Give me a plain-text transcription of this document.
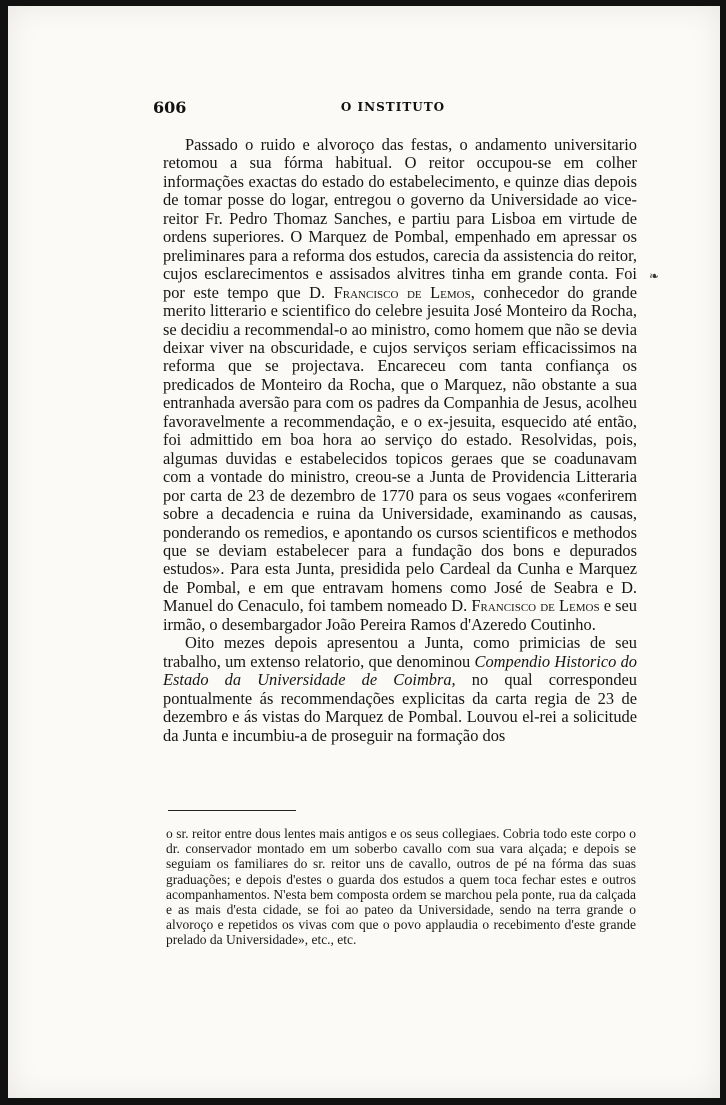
606	O INSTITUTO

Passado o ruido e alvoroço das festas, o andamento universitario retomou a sua fórma habitual. O reitor occupou-se em colher informações exactas do estado do estabelecimento, e quinze dias depois de tomar posse do logar, entregou o governo da Universidade ao vice-reitor Fr. Pedro Thomaz Sanches, e partiu para Lisboa em virtude de ordens superiores. O Marquez de Pombal, empenhado em apressar os preliminares para a reforma dos estudos, carecia da assistencia do reitor, cujos esclarecimentos e assisados alvitres tinha em grande conta. Foi por este tempo que D. Francisco de Lemos, conhecedor do grande merito litterario e scientifico do celebre jesuita José Monteiro da Rocha, se decidiu a recommendal-o ao ministro, como homem que não se devia deixar viver na obscuridade, e cujos serviços seriam efficacissimos na reforma que se projectava. Encareceu com tanta confiança os predicados de Monteiro da Rocha, que o Marquez, não obstante a sua entranhada aversão para com os padres da Companhia de Jesus, acolheu favoravelmente a recommendação, e o ex-jesuita, esquecido até então, foi admittido em boa hora ao serviço do estado. Resolvidas, pois, algumas duvidas e estabelecidos topicos geraes que se coadunavam com a vontade do ministro, creou-se a Junta de Providencia Litteraria por carta de 23 de dezembro de 1770 para os seus vogaes «conferirem sobre a decadencia e ruina da Universidade, examinando as causas, ponderando os remedios, e apontando os cursos scientificos e methodos que se deviam estabelecer para a fundação dos bons e depurados estudos». Para esta Junta, presidida pelo Cardeal da Cunha e Marquez de Pombal, e em que entravam homens como José de Seabra e D. Manuel do Cenaculo, foi tambem nomeado D. Francisco de Lemos e seu irmão, o desembargador João Pereira Ramos d'Azeredo Coutinho.

Oito mezes depois apresentou a Junta, como primicias de seu trabalho, um extenso relatorio, que denominou Compendio Historico do Estado da Universidade de Coimbra, no qual correspondeu pontualmente ás recommendações explicitas da carta regia de 23 de dezembro e ás vistas do Marquez de Pombal. Louvou el-rei a solicitude da Junta e incumbiu-a de proseguir na formação dos

❧

o sr. reitor entre dous lentes mais antigos e os seus collegiaes. Cobria todo este corpo o dr. conservador montado em um soberbo cavallo com sua vara alçada; e depois se seguiam os familiares do sr. reitor uns de cavallo, outros de pé na fórma das suas graduações; e depois d'estes o guarda dos estudos a quem toca fechar estes e outros acompanhamentos. N'esta bem composta ordem se marchou pela ponte, rua da calçada e as mais d'esta cidade, se foi ao pateo da Universidade, sendo na terra grande o alvoroço e repetidos os vivas com que o povo applaudia o recebimento d'este grande prelado da Universidade», etc., etc.
